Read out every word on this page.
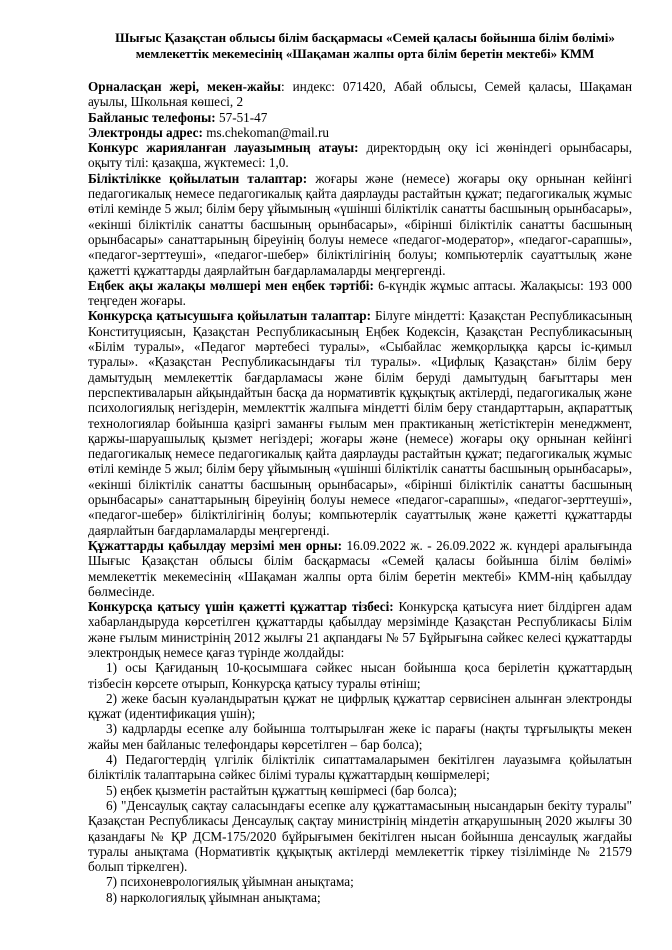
Шығыс Қазақстан облысы білім басқармасы «Семей қаласы бойынша білім бөлімі»
мемлекеттік мекемесінің «Шақаман жалпы орта білім беретін мектебі» КММ

Орналасқан жері, мекен-жайы: индекс: 071420, Абай облысы, Семей қаласы, Шақаман ауылы, Школьная көшесі, 2

Байланыс телефоны: 57-51-47

Электронды адрес: ms.chekoman@mail.ru

Конкурс жарияланған лауазымның атауы: директордың оқу ісі жөніндегі орынбасары, оқыту тілі: қазақша, жүктемесі: 1,0.

Біліктілікке қойылатын талаптар: жоғары және (немесе) жоғары оқу орнынан кейінгі педагогикалық немесе педагогикалық қайта даярлауды растайтын құжат; педагогикалық жұмыс өтілі кемінде 5 жыл; білім беру ұйымының «үшінші біліктілік санатты басшының орынбасары», «екінші біліктілік санатты басшының орынбасары», «бірінші біліктілік санатты басшының орынбасары» санаттарының біреуінің болуы немесе «педагог-модератор», «педагог-сарапшы», «педагог-зерттеуші», «педагог-шебер» біліктілігінің болуы; компьютерлік сауаттылық және қажетті құжаттарды даярлайтын бағдарламаларды меңгергенді.

Еңбек ақы жалақы мөлшері мен еңбек тәртібі: 6-күндік жұмыс аптасы. Жалақысы: 193 000 теңгеден жоғары.

Конкурсқа қатысушыға қойылатын талаптар: Білуге міндетті: Қазақстан Республикасының Конституциясын, Қазақстан Республикасының Еңбек Кодексін, Қазақстан Республикасының «Білім туралы», «Педагог мәртебесі туралы», «Сыбайлас жемқорлыққа қарсы іс-қимыл туралы». «Қазақстан Республикасындағы тіл туралы». «Цифлық Қазақстан» білім беру дамытудың мемлекеттік бағдарламасы және білім беруді дамытудың бағыттары мен перспективаларын айқындайтын басқа да нормативтік құқықтық актілерді, педагогикалық және психологиялық негіздерін, мемлекттік жалпыға міндетті білім беру стандарттарын, ақпараттық технологиялар бойынша қазіргі заманғы ғылым мен практиканың жетістіктерін менеджмент, қаржы-шаруашылық қызмет негіздері; жоғары және (немесе) жоғары оқу орнынан кейінгі педагогикалық немесе педагогикалық қайта даярлауды растайтын құжат; педагогикалық жұмыс өтілі кемінде 5 жыл; білім беру ұйымының «үшінші біліктілік санатты басшының орынбасары», «екінші біліктілік санатты басшының орынбасары», «бірінші біліктілік санатты басшының орынбасары» санаттарының біреуінің болуы немесе «педагог-сарапшы», «педагог-зерттеуші», «педагог-шебер» біліктілігінің болуы; компьютерлік сауаттылық және қажетті құжаттарды даярлайтын бағдарламаларды меңгергенді.

Құжаттарды қабылдау мерзімі мен орны: 16.09.2022 ж. - 26.09.2022 ж. күндері аралығында Шығыс Қазақстан облысы білім басқармасы «Семей қаласы бойынша білім бөлімі» мемлекеттік мекемесінің «Шақаман жалпы орта білім беретін мектебі» КММ-нің қабылдау бөлмесінде.

Конкурсқа қатысу үшін қажетті құжаттар тізбесі: Конкурсқа қатысуға ниет білдірген адам хабарландыруда көрсетілген құжаттарды қабылдау мерзімінде Қазақстан Республикасы Білім және ғылым министрінің 2012 жылғы 21 ақпандағы № 57 Бұйрығына сәйкес келесі құжаттарды электрондық немесе қағаз түрінде жолдайды:

1) осы Қағиданың 10-қосымшаға сәйкес нысан бойынша қоса берілетін құжаттардың тізбесін көрсете отырып, Конкурсқа қатысу туралы өтініш;

2) жеке басын куәландыратын құжат не цифрлық құжаттар сервисінен алынған электронды құжат (идентификация үшін);

3) кадрларды есепке алу бойынша толтырылған жеке іс парағы (нақты тұрғылықты мекен жайы мен байланыс телефондары көрсетілген – бар болса);

4) Педагогтердің үлгілік біліктілік сипаттамаларымен бекітілген лауазымға қойылатын біліктілік талаптарына сәйкес білімі туралы құжаттардың көшірмелері;

5) еңбек қызметін растайтын құжаттың көшірмесі (бар болса);

6) "Денсаулық сақтау саласындағы есепке алу құжаттамасының нысандарын бекіту туралы" Қазақстан Республикасы Денсаулық сақтау министрінің міндетін атқарушының 2020 жылғы 30 қазандағы № ҚР ДСМ-175/2020 бұйрығымен бекітілген нысан бойынша денсаулық жағдайы туралы анықтама (Нормативтік құқықтық актілерді мемлекеттік тіркеу тізілімінде № 21579 болып тіркелген).

7) психоневрологиялық ұйымнан анықтама;

8) наркологиялық ұйымнан анықтама;
